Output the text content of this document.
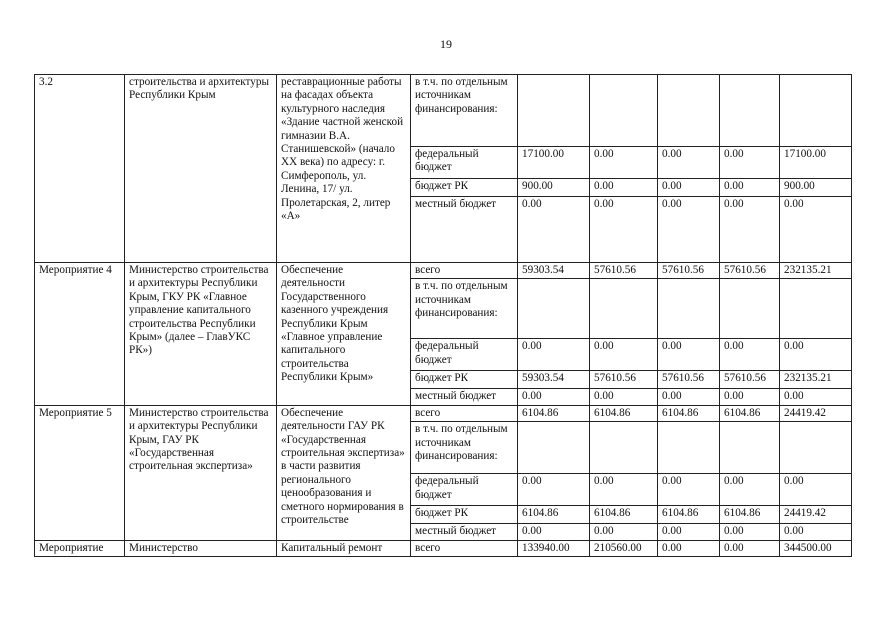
19
3.2	строительства и архитектуры Республики Крым	реставрационные работы на фасадах объекта культурного наследия «Здание частной женской гимназии В.А. Станишевской» (начало XX века) по адресу: г. Симферополь, ул. Ленина, 17/ ул. Пролетарская, 2, литер «А»	в т.ч. по отдельным источникам финансирования:					
			федеральный бюджет	17100.00	0.00	0.00	0.00	17100.00
			бюджет РК	900.00	0.00	0.00	0.00	900.00
			местный бюджет	0.00	0.00	0.00	0.00	0.00
Мероприятие 4	Министерство строительства и архитектуры Республики Крым, ГКУ РК «Главное управление капитального строительства Республики Крым» (далее – ГлавУКС РК»)	Обеспечение деятельности Государственного казенного учреждения Республики Крым «Главное управление капитального строительства Республики Крым»	всего	59303.54	57610.56	57610.56	57610.56	232135.21
			в т.ч. по отдельным источникам финансирования:					
			федеральный бюджет	0.00	0.00	0.00	0.00	0.00
			бюджет РК	59303.54	57610.56	57610.56	57610.56	232135.21
			местный бюджет	0.00	0.00	0.00	0.00	0.00
Мероприятие 5	Министерство строительства и архитектуры Республики Крым, ГАУ РК «Государственная строительная экспертиза»	Обеспечение деятельности ГАУ РК «Государственная строительная экспертиза» в части развития регионального ценообразования и сметного нормирования в строительстве	всего	6104.86	6104.86	6104.86	6104.86	24419.42
			в т.ч. по отдельным источникам финансирования:					
			федеральный бюджет	0.00	0.00	0.00	0.00	0.00
			бюджет РК	6104.86	6104.86	6104.86	6104.86	24419.42
			местный бюджет	0.00	0.00	0.00	0.00	0.00
Мероприятие	Министерство	Капитальный ремонт	всего	133940.00	210560.00	0.00	0.00	344500.00
